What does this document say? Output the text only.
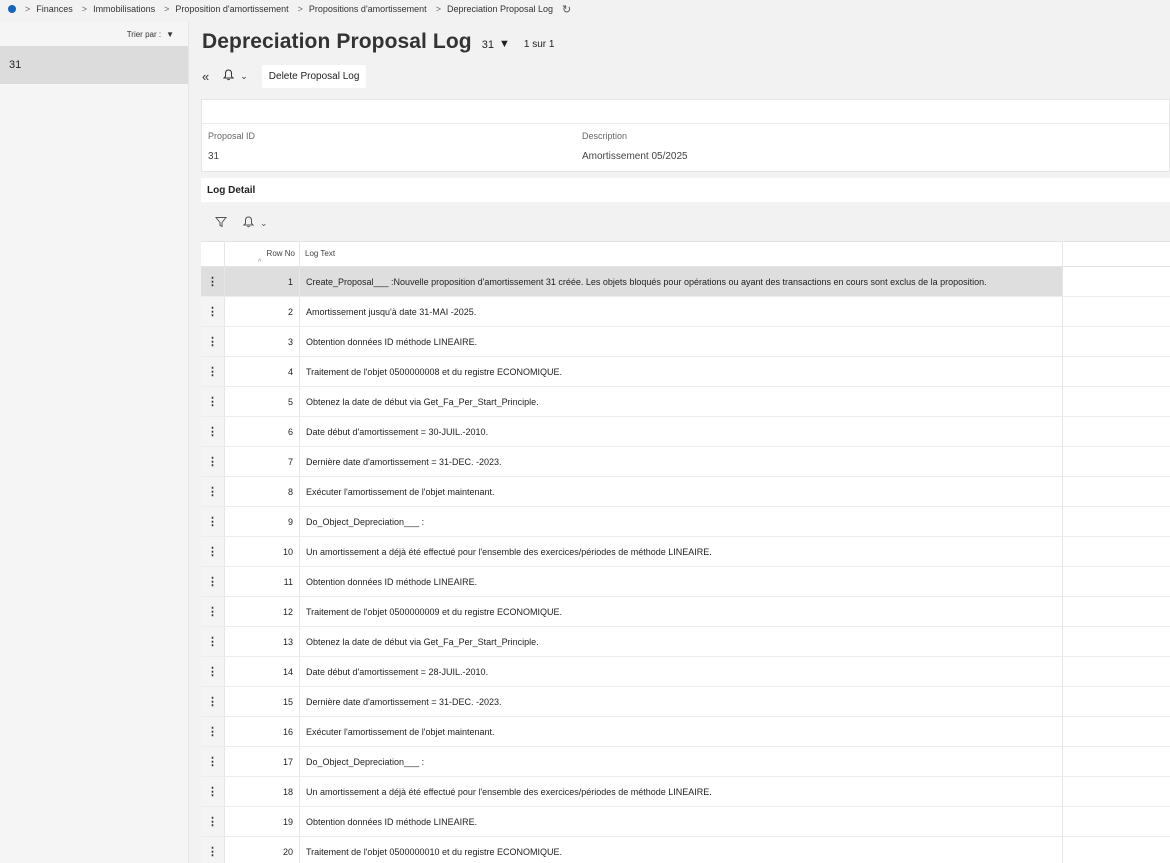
> Finances > Immobilisations > Proposition d'amortissement > Propositions d'amortissement > Depreciation Proposal Log ↻
Trier par : ▼
31
Depreciation Proposal Log 31 ▼ 1 sur 1
«	⌄	Delete Proposal Log
Proposal ID
31
Description
Amortissement 05/2025
Log Detail
⌄
Row No
^
Log Text
⋮	1	Create_Proposal___ :Nouvelle proposition d'amortissement 31 créée. Les objets bloqués pour opérations ou ayant des transactions en cours sont exclus de la proposition.
⋮	2	Amortissement jusqu'à date 31-MAI -2025.
⋮	3	Obtention données ID méthode LINEAIRE.
⋮	4	Traitement de l'objet 0500000008 et du registre ECONOMIQUE.
⋮	5	Obtenez la date de début via Get_Fa_Per_Start_Principle.
⋮	6	Date début d'amortissement = 30-JUIL.-2010.
⋮	7	Dernière date d'amortissement = 31-DEC. -2023.
⋮	8	Exécuter l'amortissement de l'objet maintenant.
⋮	9	Do_Object_Depreciation___ :
⋮	10	Un amortissement a déjà été effectué pour l'ensemble des exercices/périodes de méthode LINEAIRE.
⋮	11	Obtention données ID méthode LINEAIRE.
⋮	12	Traitement de l'objet 0500000009 et du registre ECONOMIQUE.
⋮	13	Obtenez la date de début via Get_Fa_Per_Start_Principle.
⋮	14	Date début d'amortissement = 28-JUIL.-2010.
⋮	15	Dernière date d'amortissement = 31-DEC. -2023.
⋮	16	Exécuter l'amortissement de l'objet maintenant.
⋮	17	Do_Object_Depreciation___ :
⋮	18	Un amortissement a déjà été effectué pour l'ensemble des exercices/périodes de méthode LINEAIRE.
⋮	19	Obtention données ID méthode LINEAIRE.
⋮	20	Traitement de l'objet 0500000010 et du registre ECONOMIQUE.
